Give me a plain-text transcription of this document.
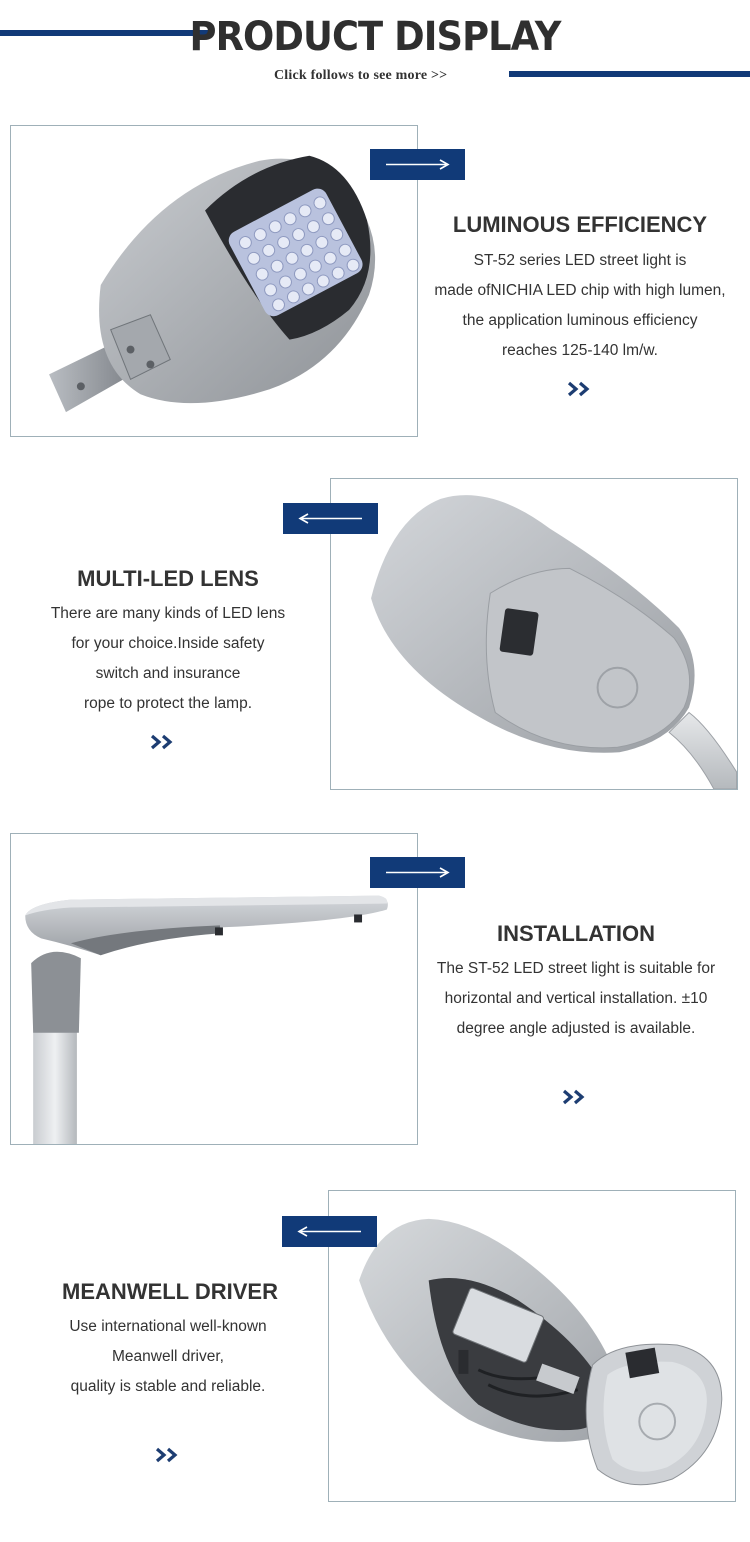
PRODUCT DISPLAY
Click follows to see more >>
LUMINOUS EFFICIENCY
ST-52 series LED street light is
made ofNICHIA LED chip with high lumen,
the application luminous efficiency
reaches 125-140 lm/w.
MULTI-LED LENS
There are many kinds of LED lens
for your choice.Inside safety
switch and insurance
rope to protect the lamp.
INSTALLATION
The ST-52 LED street light is suitable for
horizontal and vertical installation. ±10
degree angle adjusted is available.
MEANWELL DRIVER
Use international well-known
Meanwell driver,
quality is stable and reliable.
